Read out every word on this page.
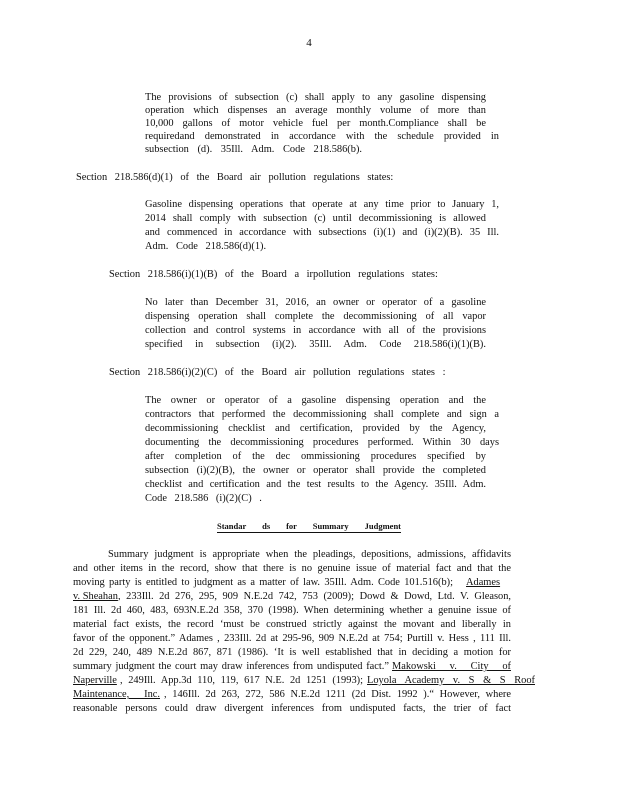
4
The provisions of subsection (c) shall apply to any gasoline dispensing
operation which dispenses an average monthly volume of more than
10,000 gallons of motor vehicle fuel per month.Compliance shall be
requiredand demonstrated in accordance with the schedule provided in
subsection (d). 35Ill. Adm. Code 218.586(b).
Section 218.586(d)(1) of the Board air pollution regulations states:
Gasoline dispensing operations that operate at any time prior to January 1,
2014 shall comply with subsection (c) until decommissioning is allowed
and commenced in accordance with subsections (i)(1) and (i)(2)(B). 35 Ill.
Adm. Code 218.586(d)(1).
Section 218.586(i)(1)(B) of the Board a irpollution regulations states:
No later than December 31, 2016, an owner or operator of a gasoline
dispensing operation shall complete the decommissioning of all vapor
collection and control systems in accordance with all of the provisions
specified in subsection (i)(2). 35Ill. Adm. Code 218.586(i)(1)(B).
Section 218.586(i)(2)(C) of the Board air pollution regulations states :
The owner or operator of a gasoline dispensing operation and the
contractors that performed the decommissioning shall complete and sign a
decommissioning checklist and certification, provided by the Agency,
documenting the decommissioning procedures performed. Within 30 days
after completion of the dec ommissioning procedures specified by
subsection (i)(2)(B), the owner or operator shall provide the completed
checklist and certification and the test results to the Agency. 35Ill. Adm.
Code 218.586 (i)(2)(C) .
Standar ds for Summary Judgment
Summary judgment is appropriate when the pleadings, depositions, admissions, affidavits
and other items in the record, show that there is no genuine issue of material fact and that the
moving party is entitled to judgment as a matter of law. 35Ill. Adm. Code 101.516(b); Adames
v. Sheahan , 233Ill. 2d 276, 295, 909 N.E.2d 742, 753 (2009); Dowd & Dowd, Ltd. V. Gleason,
181 Ill. 2d 460, 483, 693N.E.2d 358, 370 (1998). When determining whether a genuine issue of
material fact exists, the record ‘must be construed strictly against the movant and liberally in
favor of the opponent.” Adames , 233Ill. 2d at 295-96, 909 N.E.2d at 754; Purtill v. Hess , 111 Ill.
2d 229, 240, 489 N.E.2d 867, 871 (1986). ‘It is well established that in deciding a motion for
summary judgment the court may draw inferences from undisputed fact.” Makowski v. City of
Naperville , 249Ill. App.3d 110, 119, 617 N.E. 2d 1251 (1993); Loyola Academy v. S & S Roof
Maintenance, Inc. , 146Ill. 2d 263, 272, 586 N.E.2d 1211 (2d Dist. 1992 ).“ However, where
reasonable persons could draw divergent inferences from undisputed facts, the trier of fact
